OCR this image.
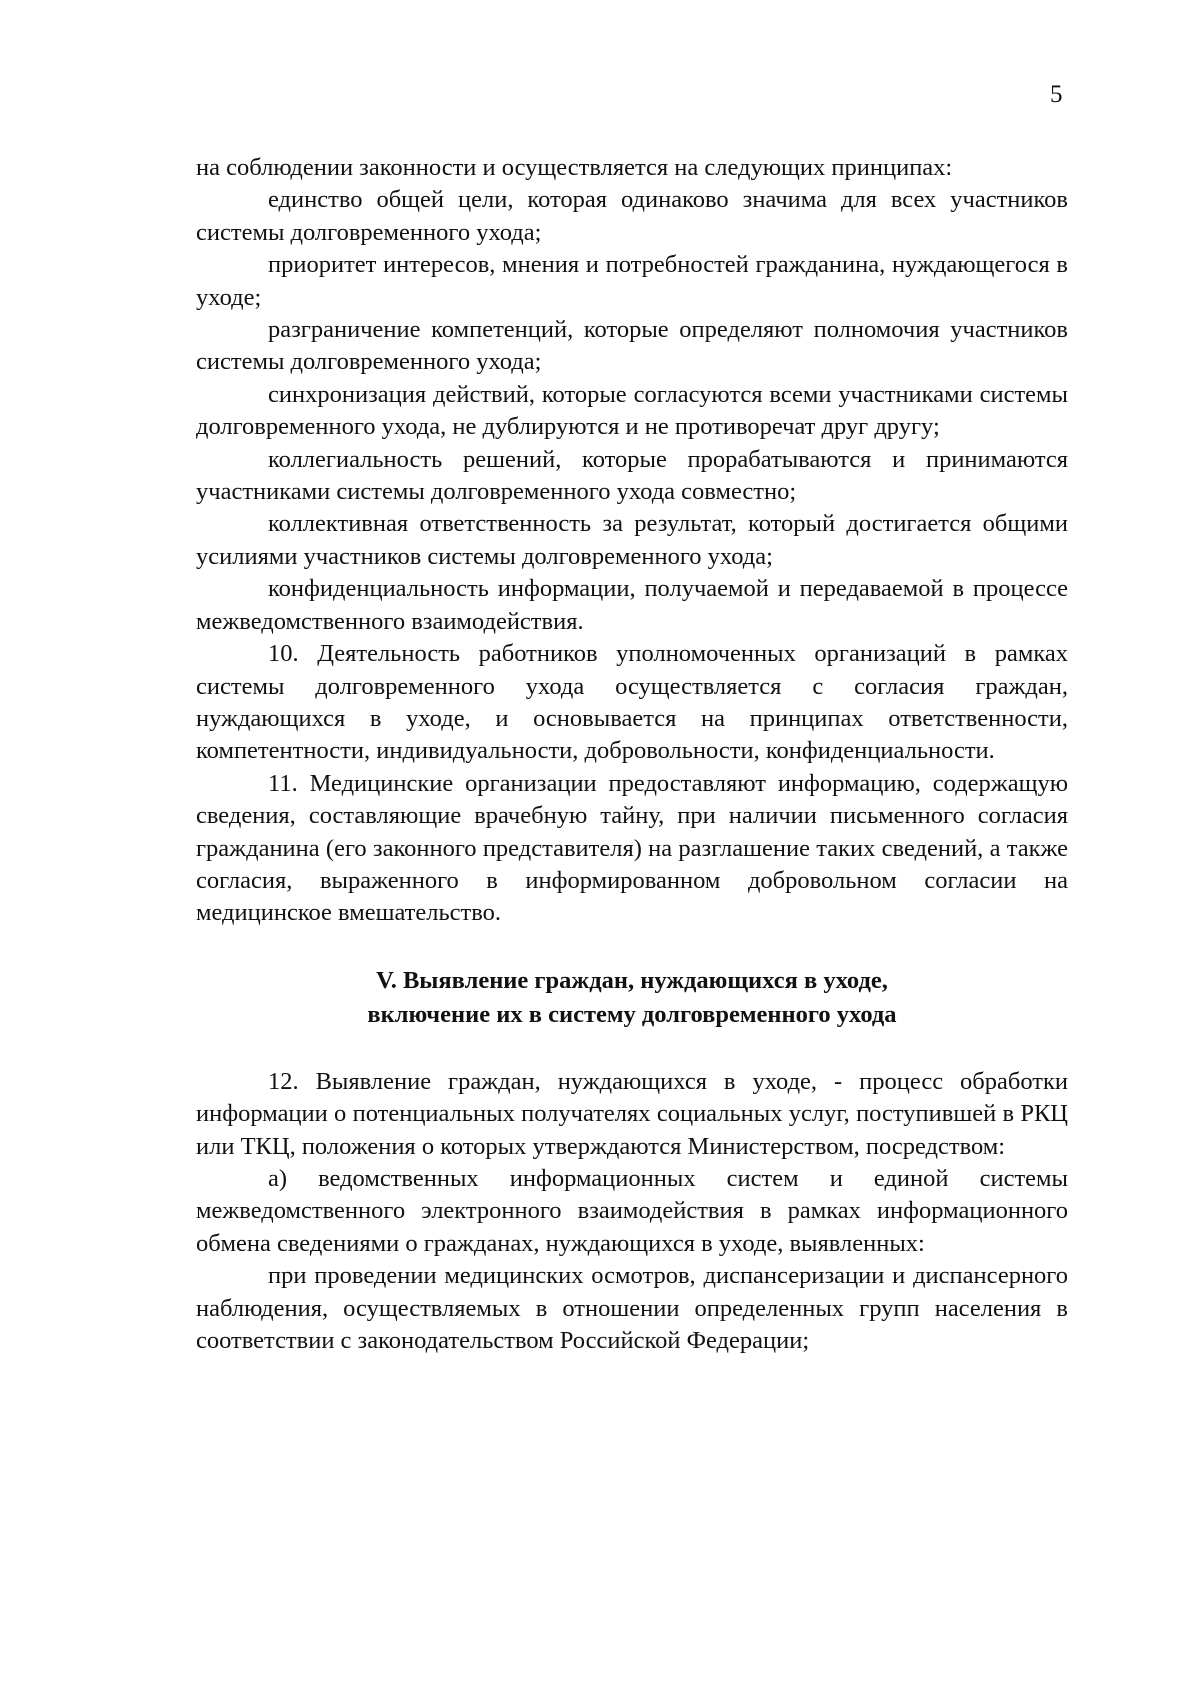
5

на соблюдении законности и осуществляется на следующих принципах:

единство общей цели, которая одинаково значима для всех участников системы долговременного ухода;

приоритет интересов, мнения и потребностей гражданина, нуждающегося в уходе;

разграничение компетенций, которые определяют полномочия участников системы долговременного ухода;

синхронизация действий, которые согласуются всеми участниками системы долговременного ухода, не дублируются и не противоречат друг другу;

коллегиальность решений, которые прорабатываются и принимаются участниками системы долговременного ухода совместно;

коллективная ответственность за результат, который достигается общими усилиями участников системы долговременного ухода;

конфиденциальность информации, получаемой и передаваемой в процессе межведомственного взаимодействия.

10. Деятельность работников уполномоченных организаций в рамках системы долговременного ухода осуществляется с согласия граждан, нуждающихся в уходе, и основывается на принципах ответственности, компетентности, индивидуальности, добровольности, конфиденциальности.

11. Медицинские организации предоставляют информацию, содержащую сведения, составляющие врачебную тайну, при наличии письменного согласия гражданина (его законного представителя) на разглашение таких сведений, а также согласия, выраженного в информированном добровольном согласии на медицинское вмешательство.

V. Выявление граждан, нуждающихся в уходе,
включение их в систему долговременного ухода

12. Выявление граждан, нуждающихся в уходе, - процесс обработки информации о потенциальных получателях социальных услуг, поступившей в РКЦ или ТКЦ, положения о которых утверждаются Министерством, посредством:

а) ведомственных информационных систем и единой системы межведомственного электронного взаимодействия в рамках информационного обмена сведениями о гражданах, нуждающихся в уходе, выявленных:

при проведении медицинских осмотров, диспансеризации и диспансерного наблюдения, осуществляемых в отношении определенных групп населения в соответствии с законодательством Российской Федерации;
